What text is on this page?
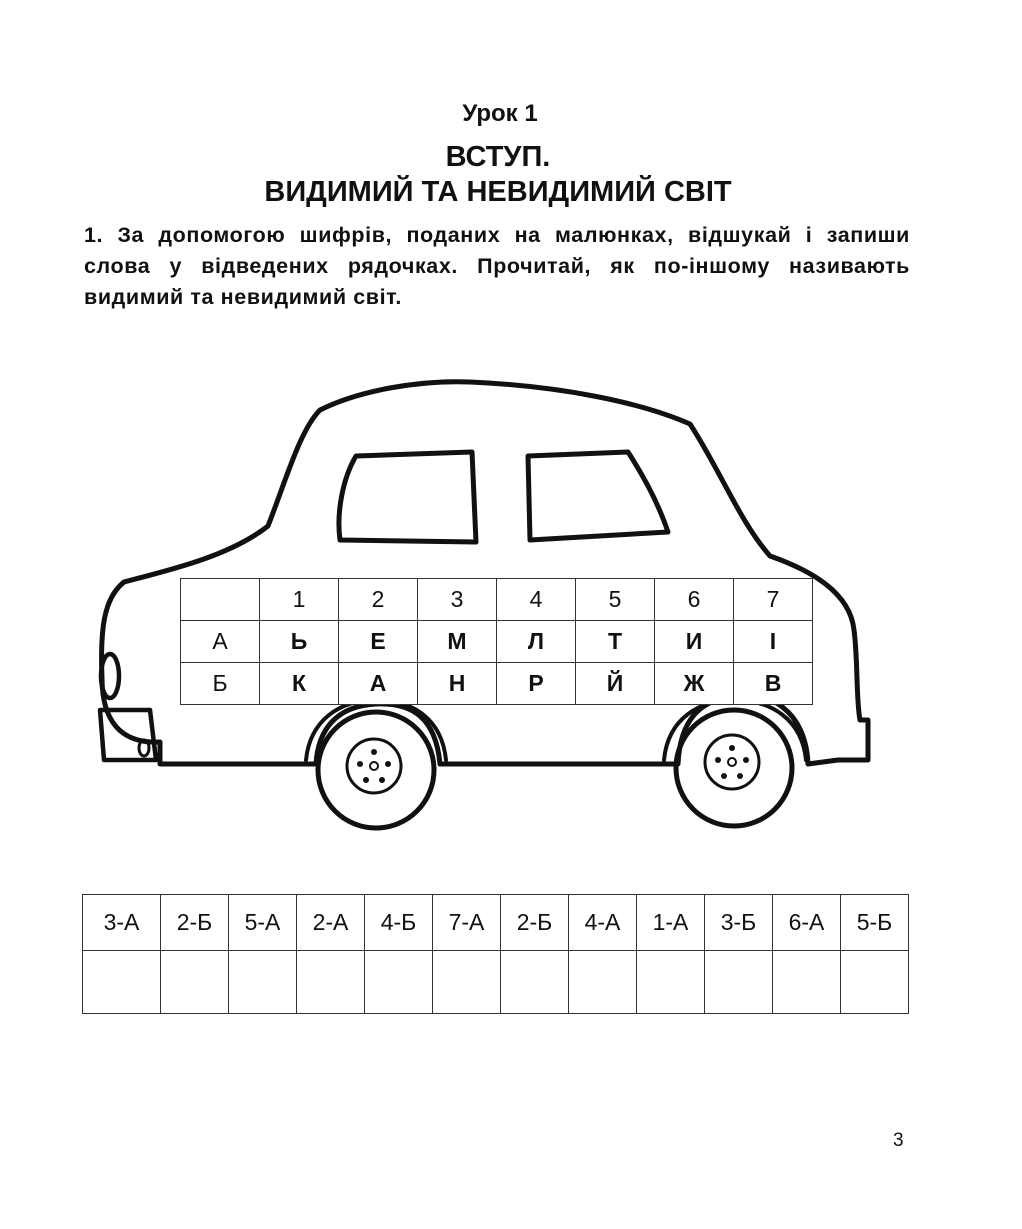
Урок 1
ВСТУП.
ВИДИМИЙ ТА НЕВИДИМИЙ СВІТ
1. За допомогою шифрів, поданих на малюнках, відшукай і запиши слова у відведених рядочках. Прочитай, як по-іншому називають видимий та невидимий світ.
	1	2	3	4	5	6	7
А	Ь	Е	М	Л	Т	И	І
Б	К	А	Н	Р	Й	Ж	В
3-А	2-Б	5-А	2-А	4-Б	7-А	2-Б	4-А	1-А	3-Б	6-А	5-Б

3
